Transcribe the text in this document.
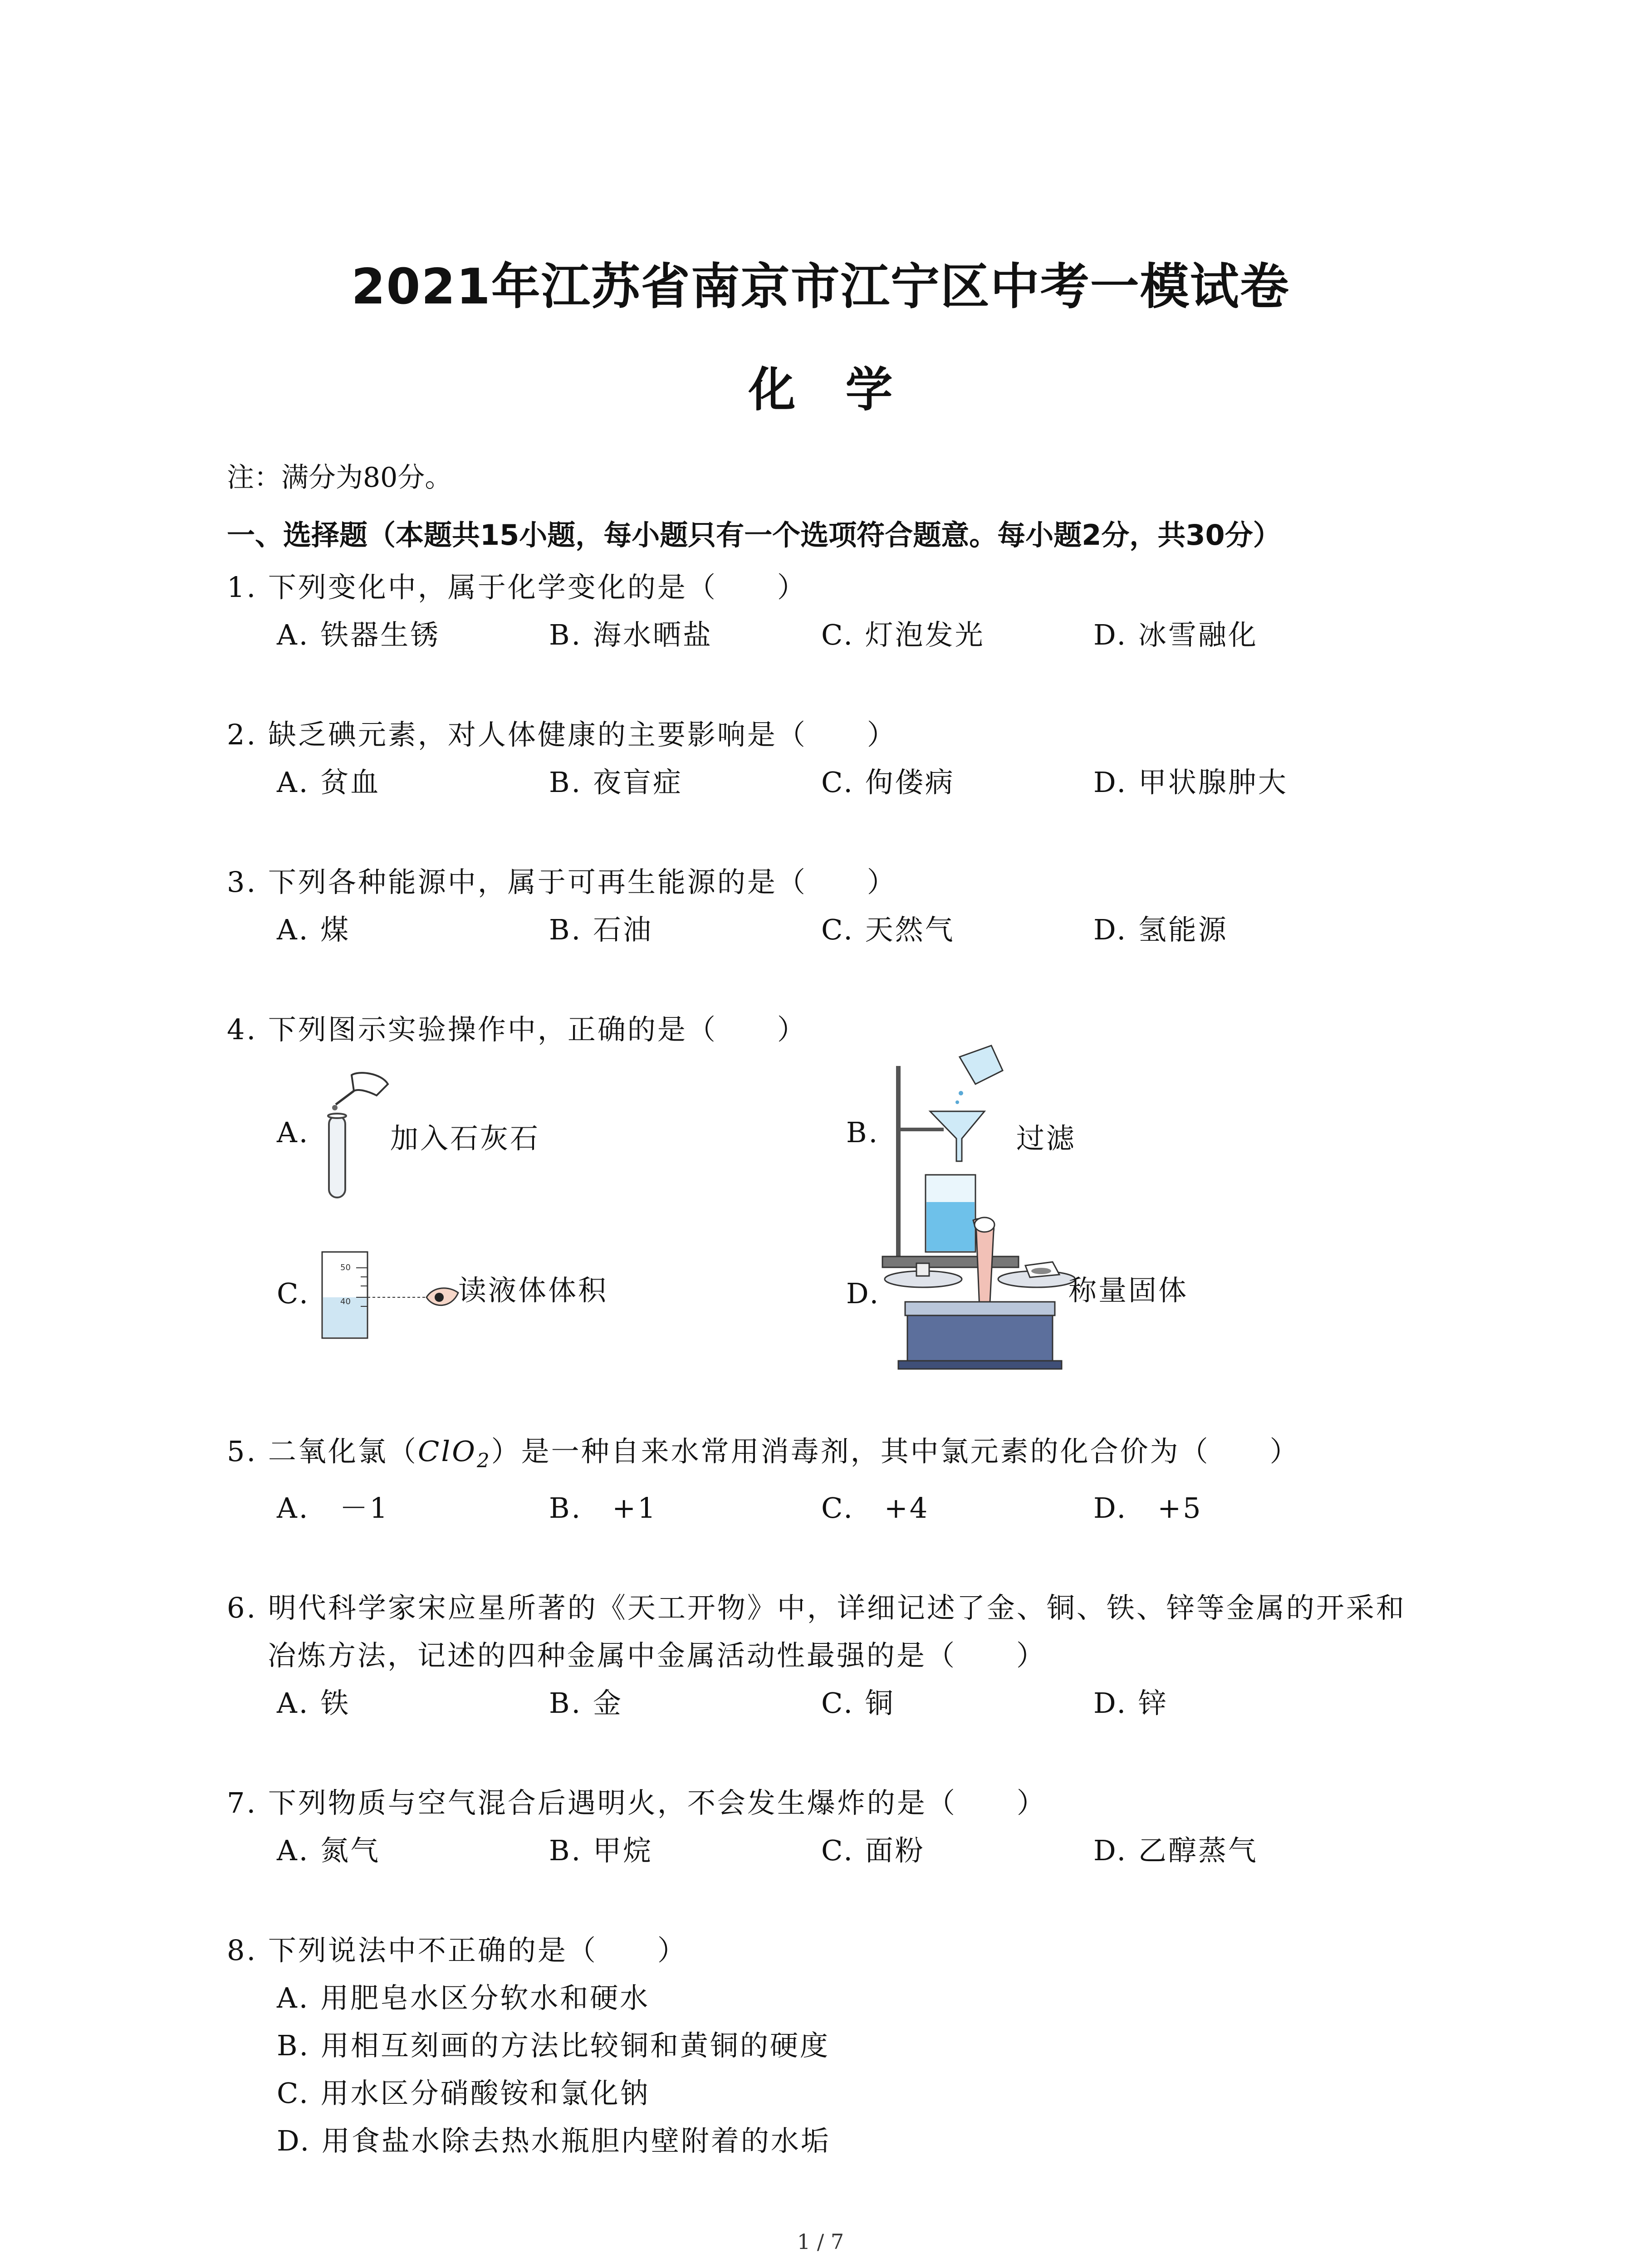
2021年江苏省南京市江宁区中考一模试卷
化学
注：满分为80分。
一、选择题（本题共15小题，每小题只有一个选项符合题意。每小题2分，共30分）
1. 下列变化中，属于化学变化的是（　　）
A. 铁器生锈	B. 海水晒盐	C. 灯泡发光	D. 冰雪融化
2. 缺乏碘元素，对人体健康的主要影响是（　　）
A. 贫血	B. 夜盲症	C. 佝偻病	D. 甲状腺肿大
3. 下列各种能源中，属于可再生能源的是（　　）
A. 煤	B. 石油	C. 天然气	D. 氢能源
4. 下列图示实验操作中，正确的是（　　）
A.	加入石灰石	B.	过滤
C.
50
40	读液体体积	D.	称量固体
5. 二氧化氯（ClO$_2$）是一种自来水常用消毒剂，其中氯元素的化合价为（　　）
A.　－1	B.　+1	C.　+4	D.　+5
6. 明代科学家宋应星所著的《天工开物》中，详细记述了金、铜、铁、锌等金属的开采和
冶炼方法，记述的四种金属中金属活动性最强的是（　　）
A. 铁	B. 金	C. 铜	D. 锌
7. 下列物质与空气混合后遇明火，不会发生爆炸的是（　　）
A. 氮气	B. 甲烷	C. 面粉	D. 乙醇蒸气
8. 下列说法中不正确的是（　　）
A. 用肥皂水区分软水和硬水
B. 用相互刻画的方法比较铜和黄铜的硬度
C. 用水区分硝酸铵和氯化钠
D. 用食盐水除去热水瓶胆内壁附着的水垢
1 / 7
